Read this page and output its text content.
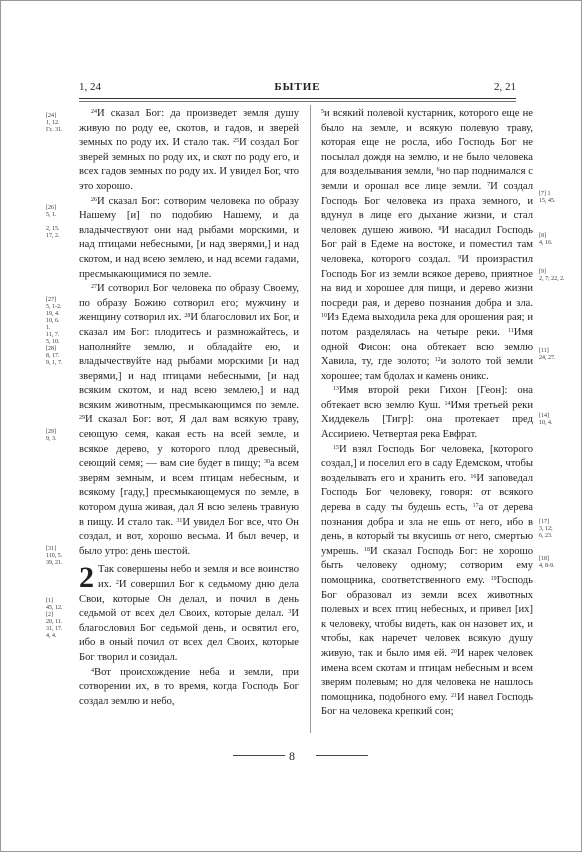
1, 24	БЫТИЕ	2, 21
[24]
1, 12.
Гс. 31.
[26]
5, 1.

2, 15.
17, 2.
[27]
5, 1-2.
19, 4.
10, 6.
1.
11, 7.
5, 10.
[28]
8, 17.
9, 1, 7.
[29]
9, 3.
[31]
110, 5.
39, 21.
[1]
45, 12.
[2]
20, 11.
31, 17.
4, 4.
[7] 1
15, 45.
[8]
4, 16.
[9]
2, 7; 22, 2.
[11]
24, 27.
[14]
10, 4.
[17]
3, 12;
6, 23.
[18]
4, 8-9.

$^{24}$И сказал Бог: да произведет земля душу живую по роду ее, скотов, и гадов, и зверей земных по роду их. И стало так. $^{25}$И создал Бог зверей земных по роду их, и скот по роду его, и всех гадов земных по роду их. И увидел Бог, что это хорошо.

$^{26}$И сказал Бог: сотворим человека по образу Нашему [и] по подобию Нашему, и да владычествуют они над рыбами морскими, и над птицами небесными, [и над зверями,] и над скотом, и над всею землею, и над всеми гадами, пресмыкающимися по земле.

$^{27}$И сотворил Бог человека по образу Своему, по образу Божию сотворил его; мужчину и женщину сотворил их. $^{28}$И благословил их Бог, и сказал им Бог: плодитесь и размножайтесь, и наполняйте землю, и обладайте ею, и владычествуйте над рыбами морскими [и над зверями,] и над птицами небесными, [и над всяким скотом, и над всею землею,] и над всяким животным, пресмыкающимся по земле. $^{29}$И сказал Бог: вот, Я дал вам всякую траву, сеющую семя, какая есть на всей земле, и всякое дерево, у которого плод древесный, сеющий семя; — вам сие будет в пищу; $^{30}$а всем зверям земным, и всем птицам небесным, и всякому [гаду,] пресмыкающемуся по земле, в котором душа живая, дал Я всю зелень травную в пищу. И стало так. $^{31}$И увидел Бог все, что Он создал, и вот, хорошо весьма. И был вечер, и было утро: день шестой.

2 Так совершены небо и земля и все воинство их. $^2$И совершил Бог к седьмому дню дела Свои, которые Он делал, и почил в день седьмой от всех дел Своих, которые делал. $^3$И благословил Бог седьмой день, и освятил его, ибо в оный почил от всех дел Своих, которые Бог творил и созидал.

$^4$Вот происхождение неба и земли, при сотворении их, в то время, когда Господь Бог создал землю и небо,

$^5$и всякий полевой кустарник, которого еще не было на земле, и всякую полевую траву, которая еще не росла, ибо Господь Бог не посылал дождя на землю, и не было человека для возделывания земли, $^6$но пар поднимался с земли и орошал все лице земли. $^7$И создал Господь Бог человека из праха земного, и вдунул в лице его дыхание жизни, и стал человек душею живою. $^8$И насадил Господь Бог рай в Едеме на востоке, и поместил там человека, которого создал. $^9$И произрастил Господь Бог из земли всякое дерево, приятное на вид и хорошее для пищи, и дерево жизни посреди рая, и дерево познания добра и зла. $^{10}$Из Едема выходила река для орошения рая; и потом разделялась на четыре реки. $^{11}$Имя одной Фисон: она обтекает всю землю Хавила, ту, где золото; $^{12}$и золото той земли хорошее; там бдолах и камень оникс.

$^{13}$Имя второй реки Гихон [Геон]: она обтекает всю землю Куш. $^{14}$Имя третьей реки Хиддекель [Тигр]: она протекает пред Ассириею. Четвертая река Евфрат.

$^{15}$И взял Господь Бог человека, [которого создал,] и поселил его в саду Едемском, чтобы возделывать его и хранить его. $^{16}$И заповедал Господь Бог человеку, говоря: от всякого дерева в саду ты будешь есть, $^{17}$а от дерева познания добра и зла не ешь от него, ибо в день, в который ты вкусишь от него, смертью умрешь. $^{18}$И сказал Господь Бог: не хорошо быть человеку одному; сотворим ему помощника, соответственного ему. $^{19}$Господь Бог образовал из земли всех животных полевых и всех птиц небесных, и привел [их] к человеку, чтобы видеть, как он назовет их, и чтобы, как наречет человек всякую душу живую, так и было имя ей. $^{20}$И нарек человек имена всем скотам и птицам небесным и всем зверям полевым; но для человека не нашлось помощника, подобного ему. $^{21}$И навел Господь Бог на человека крепкий сон;

8
